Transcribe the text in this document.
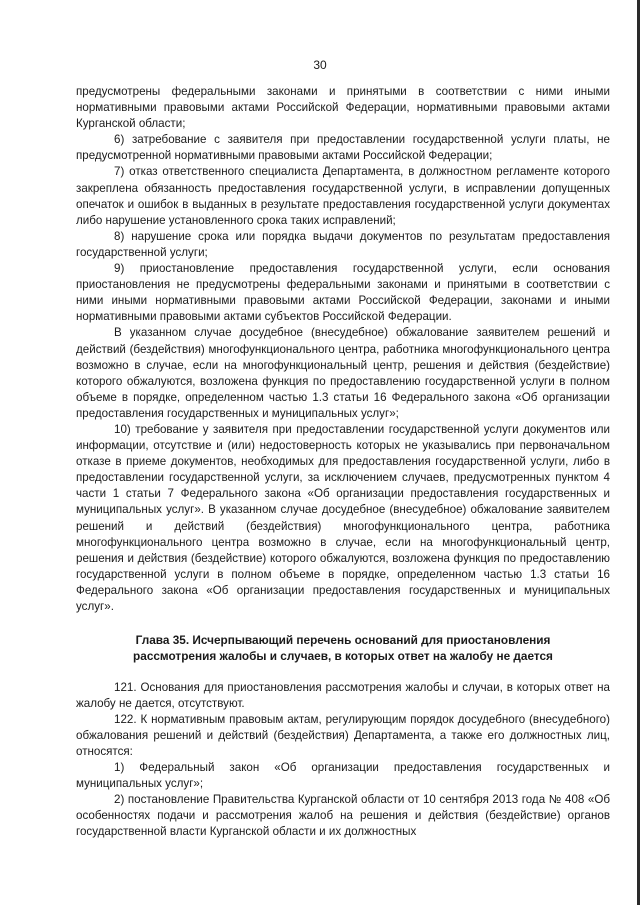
30

предусмотрены федеральными законами и принятыми в соответствии с ними иными нормативными правовыми актами Российской Федерации, нормативными правовыми актами Курганской области;

6) затребование с заявителя при предоставлении государственной услуги платы, не предусмотренной нормативными правовыми актами Российской Федерации;

7) отказ ответственного специалиста Департамента, в должностном регламенте которого закреплена обязанность предоставления государственной услуги, в исправлении допущенных опечаток и ошибок в выданных в результате предоставления государственной услуги документах либо нарушение установленного срока таких исправлений;

8) нарушение срока или порядка выдачи документов по результатам предоставления государственной услуги;

9) приостановление предоставления государственной услуги, если основания приостановления не предусмотрены федеральными законами и принятыми в соответствии с ними иными нормативными правовыми актами Российской Федерации, законами и иными нормативными правовыми актами субъектов Российской Федерации.

В указанном случае досудебное (внесудебное) обжалование заявителем решений и действий (бездействия) многофункционального центра, работника многофункционального центра возможно в случае, если на многофункциональный центр, решения и действия (бездействие) которого обжалуются, возложена функция по предоставлению государственной услуги в полном объеме в порядке, определенном частью 1.3 статьи 16 Федерального закона «Об организации предоставления государственных и муниципальных услуг»;

10) требование у заявителя при предоставлении государственной услуги документов или информации, отсутствие и (или) недостоверность которых не указывались при первоначальном отказе в приеме документов, необходимых для предоставления государственной услуги, либо в предоставлении государственной услуги, за исключением случаев, предусмотренных пунктом 4 части 1 статьи 7 Федерального закона «Об организации предоставления государственных и муниципальных услуг». В указанном случае досудебное (внесудебное) обжалование заявителем решений и действий (бездействия) многофункционального центра, работника многофункционального центра возможно в случае, если на многофункциональный центр, решения и действия (бездействие) которого обжалуются, возложена функция по предоставлению государственной услуги в полном объеме в порядке, определенном частью 1.3 статьи 16 Федерального закона «Об организации предоставления государственных и муниципальных услуг».

Глава 35. Исчерпывающий перечень оснований для приостановления
рассмотрения жалобы и случаев, в которых ответ на жалобу не дается

121. Основания для приостановления рассмотрения жалобы и случаи, в которых ответ на жалобу не дается, отсутствуют.

122. К нормативным правовым актам, регулирующим порядок досудебного (внесудебного) обжалования решений и действий (бездействия) Департамента, а также его должностных лиц, относятся:

1) Федеральный закон «Об организации предоставления государственных и муниципальных услуг»;

2) постановление Правительства Курганской области от 10 сентября 2013 года № 408 «Об особенностях подачи и рассмотрения жалоб на решения и действия (бездействие) органов государственной власти Курганской области и их должностных
